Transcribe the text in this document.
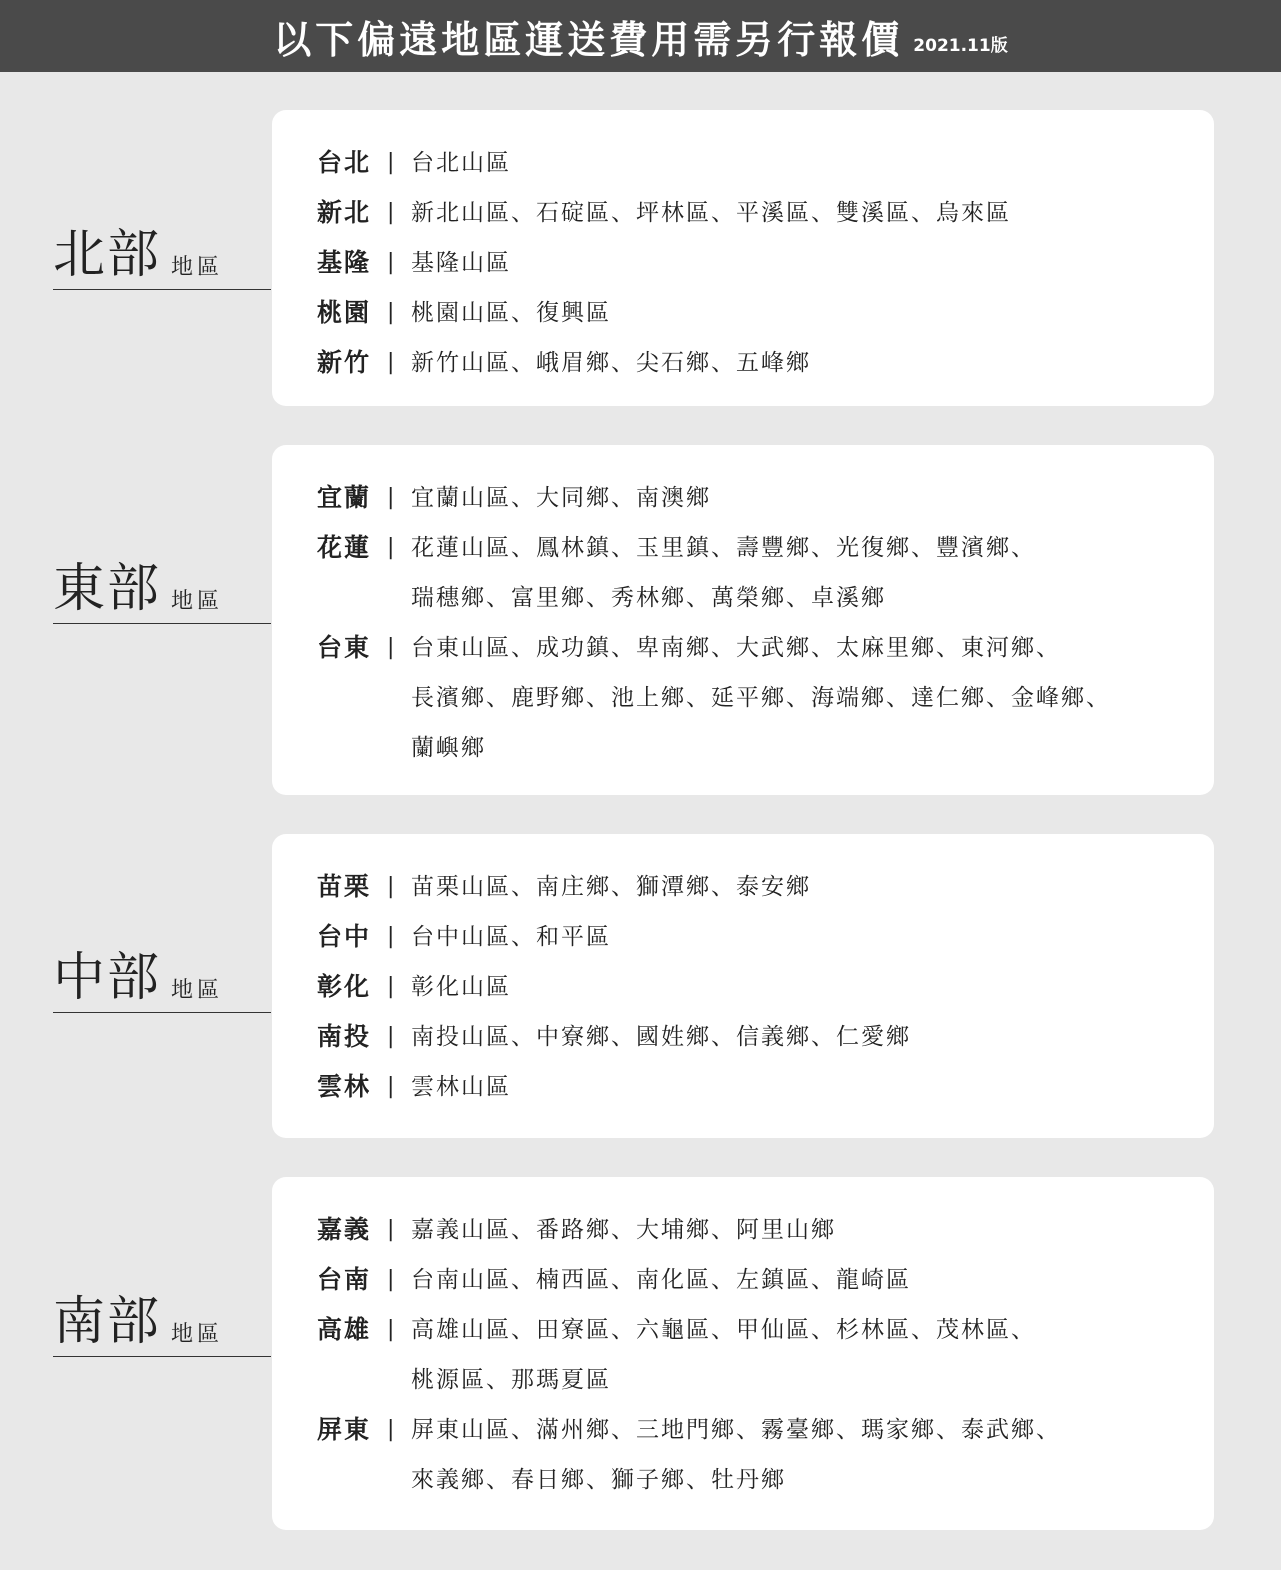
以下偏遠地區運送費用需另行報價 2021.11版
北部 地區
台北 | 台北山區
新北 | 新北山區、石碇區、坪林區、平溪區、雙溪區、烏來區
基隆 | 基隆山區
桃園 | 桃園山區、復興區
新竹 | 新竹山區、峨眉鄉、尖石鄉、五峰鄉
東部 地區
宜蘭 | 宜蘭山區、大同鄉、南澳鄉
花蓮 | 花蓮山區、鳳林鎮、玉里鎮、壽豐鄉、光復鄉、豐濱鄉、
瑞穗鄉、富里鄉、秀林鄉、萬榮鄉、卓溪鄉
台東 | 台東山區、成功鎮、卑南鄉、大武鄉、太麻里鄉、東河鄉、
長濱鄉、鹿野鄉、池上鄉、延平鄉、海端鄉、達仁鄉、金峰鄉、
蘭嶼鄉
中部 地區
苗栗 | 苗栗山區、南庄鄉、獅潭鄉、泰安鄉
台中 | 台中山區、和平區
彰化 | 彰化山區
南投 | 南投山區、中寮鄉、國姓鄉、信義鄉、仁愛鄉
雲林 | 雲林山區
南部 地區
嘉義 | 嘉義山區、番路鄉、大埔鄉、阿里山鄉
台南 | 台南山區、楠西區、南化區、左鎮區、龍崎區
高雄 | 高雄山區、田寮區、六龜區、甲仙區、杉林區、茂林區、
桃源區、那瑪夏區
屏東 | 屏東山區、滿州鄉、三地門鄉、霧臺鄉、瑪家鄉、泰武鄉、
來義鄉、春日鄉、獅子鄉、牡丹鄉
